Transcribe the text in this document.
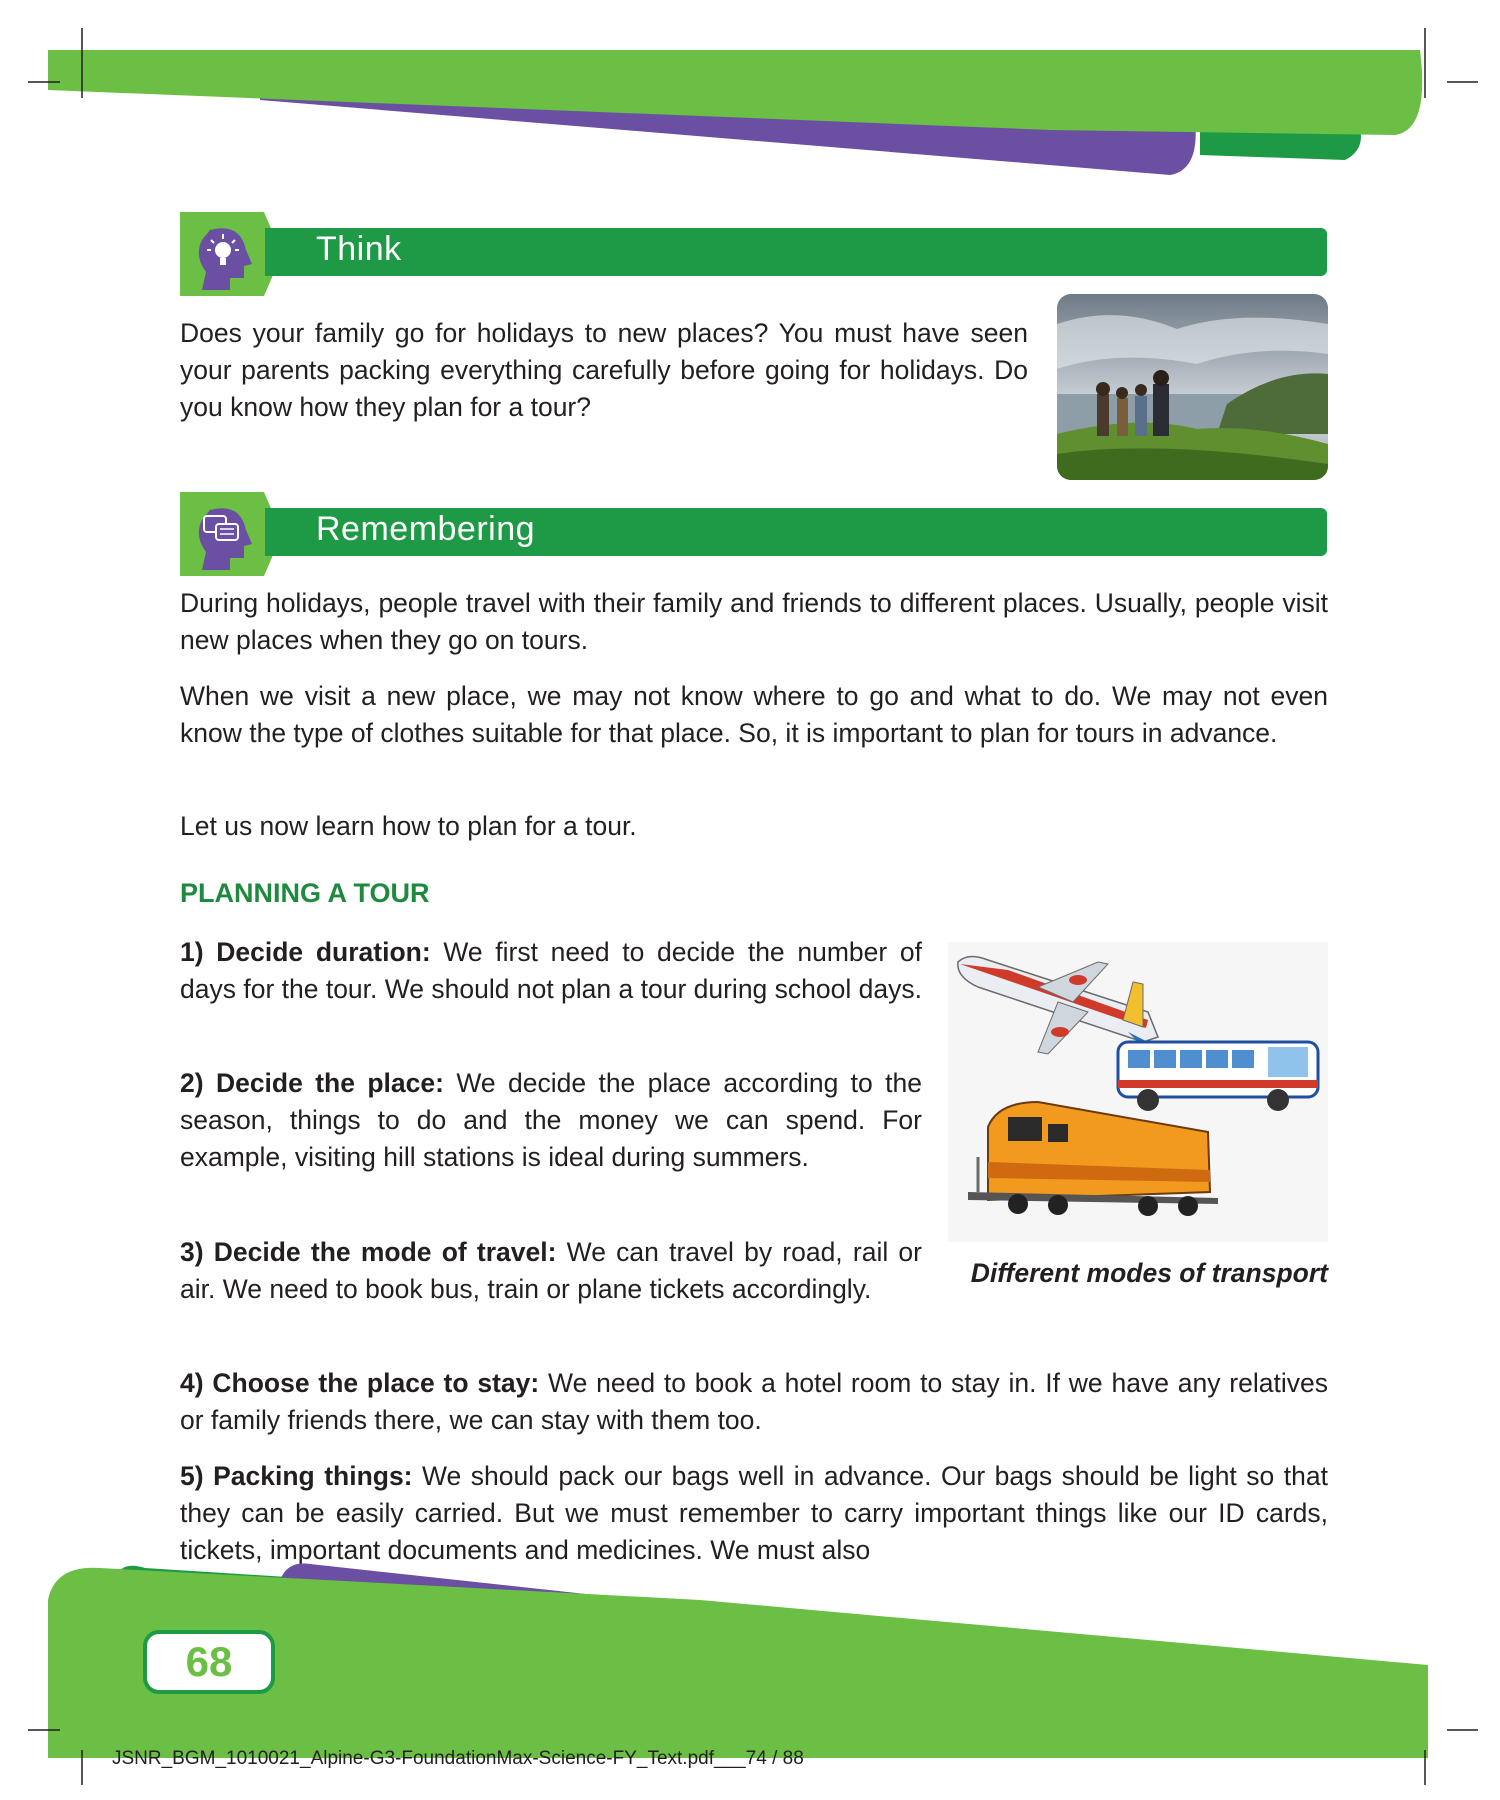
Think

Does your family go for holidays to new places? You must have seen your parents packing everything carefully before going for holidays. Do you know how they plan for a tour?

Remembering

During holidays, people travel with their family and friends to different places. Usually, people visit new places when they go on tours.

When we visit a new place, we may not know where to go and what to do. We may not even know the type of clothes suitable for that place. So, it is important to plan for tours in advance.

Let us now learn how to plan for a tour.

PLANNING A TOUR

1) Decide duration: We first need to decide the number of days for the tour. We should not plan a tour during school days.

2) Decide the place: We decide the place according to the season, things to do and the money we can spend. For example, visiting hill stations is ideal during summers.

3) Decide the mode of travel: We can travel by road, rail or air. We need to book bus, train or plane tickets accordingly.

4) Choose the place to stay: We need to book a hotel room to stay in. If we have any relatives or family friends there, we can stay with them too.

5) Packing things: We should pack our bags well in advance. Our bags should be light so that they can be easily carried. But we must remember to carry important things like our ID cards, tickets, important documents and medicines. We must also

Different modes of transport
68
JSNR_BGM_1010021_Alpine-G3-FoundationMax-Science-FY_Text.pdf___74 / 88
